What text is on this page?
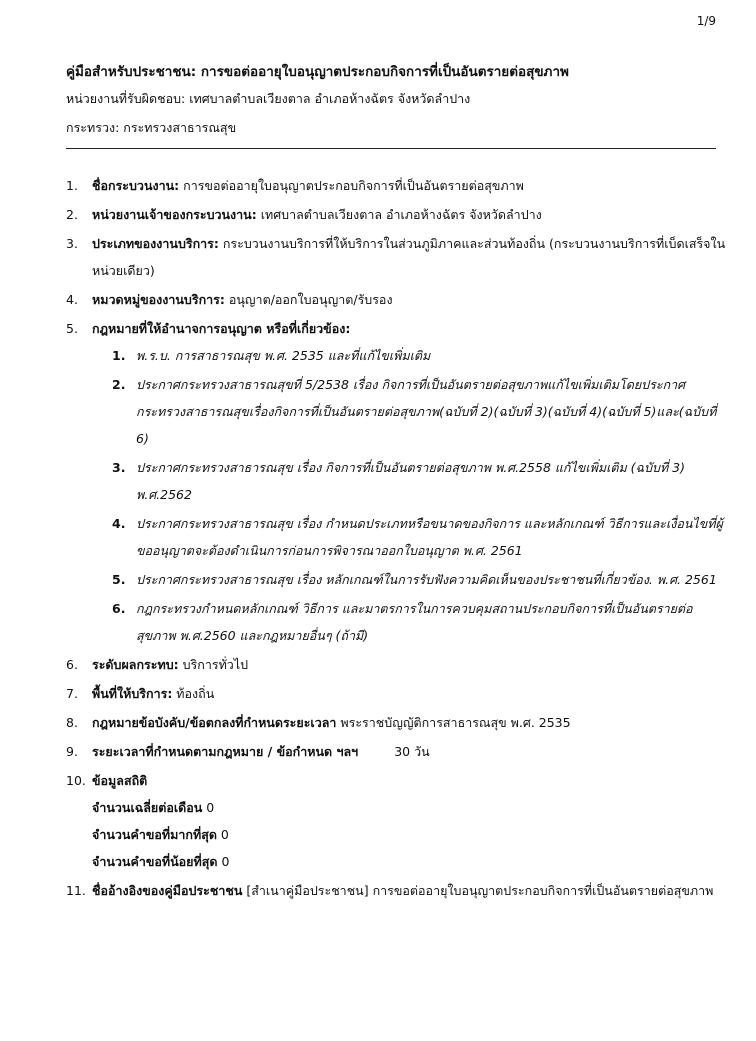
1/9
คู่มือสำหรับประชาชน: การขอต่ออายุใบอนุญาตประกอบกิจการที่เป็นอันตรายต่อสุขภาพ
หน่วยงานที่รับผิดชอบ: เทศบาลตำบลเวียงตาล อำเภอห้างฉัตร จังหวัดลำปาง
กระทรวง: กระทรวงสาธารณสุข
1. ชื่อกระบวนงาน: การขอต่ออายุใบอนุญาตประกอบกิจการที่เป็นอันตรายต่อสุขภาพ
2. หน่วยงานเจ้าของกระบวนงาน: เทศบาลตำบลเวียงตาล อำเภอห้างฉัตร จังหวัดลำปาง
3. ประเภทของงานบริการ: กระบวนงานบริการที่ให้บริการในส่วนภูมิภาคและส่วนท้องถิ่น (กระบวนงานบริการที่เบ็ดเสร็จในหน่วยเดียว)
4. หมวดหมู่ของงานบริการ: อนุญาต/ออกใบอนุญาต/รับรอง
5. กฎหมายที่ให้อำนาจการอนุญาต หรือที่เกี่ยวข้อง:
1. พ.ร.บ. การสาธารณสุข พ.ศ. 2535 และที่แก้ไขเพิ่มเติม
2. ประกาศกระทรวงสาธารณสุขที่ 5/2538 เรื่อง กิจการที่เป็นอันตรายต่อสุขภาพแก้ไขเพิ่มเติมโดยประกาศกระทรวงสาธารณสุขเรื่องกิจการที่เป็นอันตรายต่อสุขภาพ(ฉบับที่ 2)(ฉบับที่ 3)(ฉบับที่ 4)(ฉบับที่ 5)และ(ฉบับที่ 6)
3. ประกาศกระทรวงสาธารณสุข เรื่อง กิจการที่เป็นอันตรายต่อสุขภาพ พ.ศ.2558 แก้ไขเพิ่มเติม (ฉบับที่ 3) พ.ศ.2562
4. ประกาศกระทรวงสาธารณสุข เรื่อง กำหนดประเภทหรือขนาดของกิจการ และหลักเกณฑ์ วิธีการและเงื่อนไขที่ผู้ขออนุญาตจะต้องดำเนินการก่อนการพิจารณาออกใบอนุญาต พ.ศ. 2561
5. ประกาศกระทรวงสาธารณสุข เรื่อง หลักเกณฑ์ในการรับฟังความคิดเห็นของประชาชนที่เกี่ยวข้อง. พ.ศ. 2561
6. กฎกระทรวงกำหนดหลักเกณฑ์ วิธีการ และมาตรการในการควบคุมสถานประกอบกิจการที่เป็นอันตรายต่อสุขภาพ พ.ศ.2560 และกฎหมายอื่นๆ (ถ้ามี)
6. ระดับผลกระทบ: บริการทั่วไป
7. พื้นที่ให้บริการ: ท้องถิ่น
8. กฎหมายข้อบังคับ/ข้อตกลงที่กำหนดระยะเวลา พระราชบัญญัติการสาธารณสุข พ.ศ. 2535
9. ระยะเวลาที่กำหนดตามกฎหมาย / ข้อกำหนด ฯลฯ	30 วัน
10. ข้อมูลสถิติ
จำนวนเฉลี่ยต่อเดือน 0
จำนวนคำขอที่มากที่สุด 0
จำนวนคำขอที่น้อยที่สุด 0
11. ชื่ออ้างอิงของคู่มือประชาชน [สำเนาคู่มือประชาชน] การขอต่ออายุใบอนุญาตประกอบกิจการที่เป็นอันตรายต่อสุขภาพ
